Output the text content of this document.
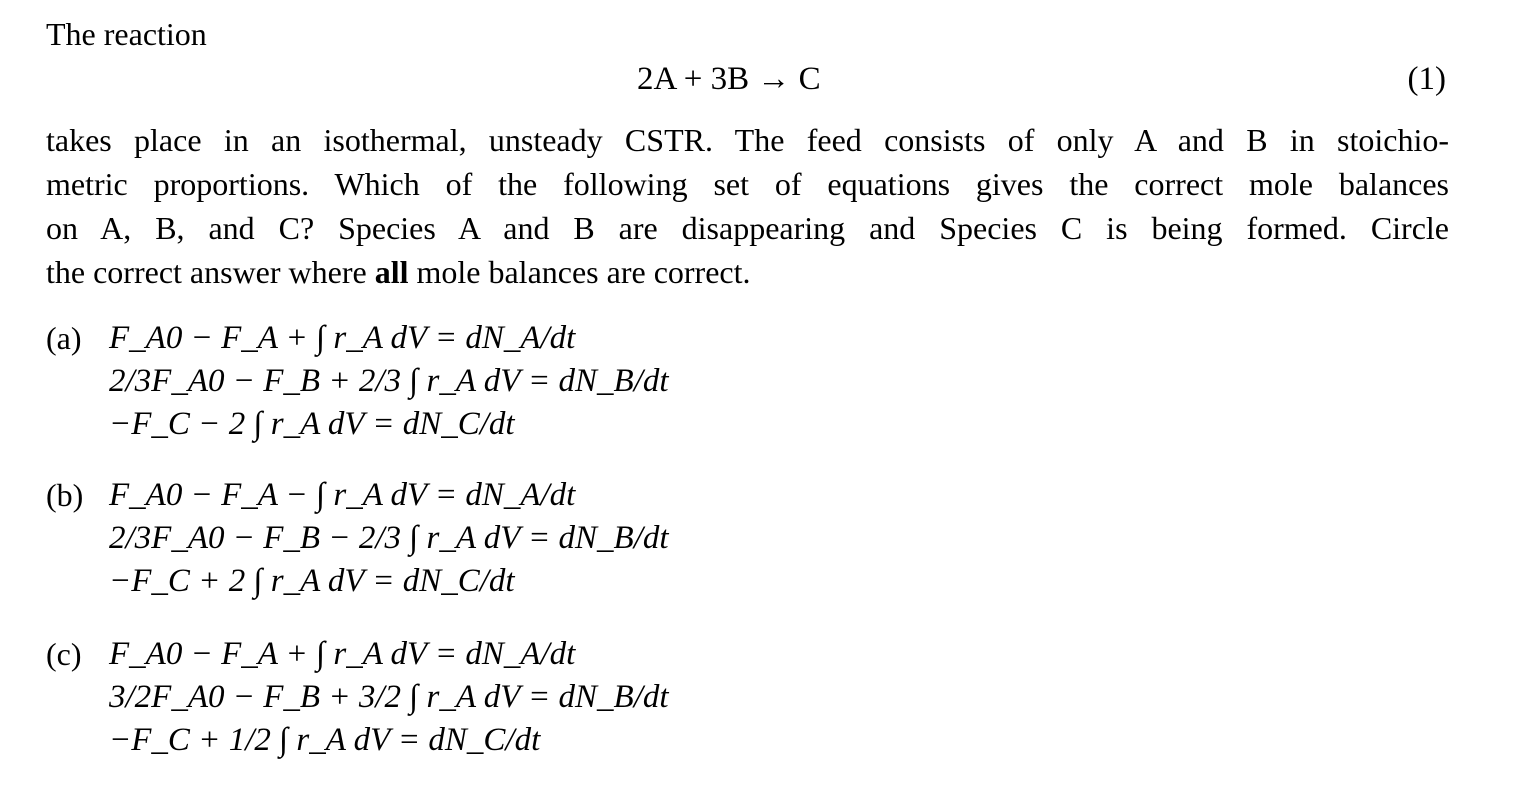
The reaction

2A + 3B → C	(1)
takes place in an isothermal, unsteady CSTR. The feed consists of only A and B in stoichio-
metric proportions. Which of the following set of equations gives the correct mole balances
on A, B, and C? Species A and B are disappearing and Species C is being formed. Circle
the correct answer where all mole balances are correct.
(a) F_A0 − F_A + ∫ r_A dV = dN_A/dt
2/3F_A0 − F_B + 2/3 ∫ r_A dV = dN_B/dt
−F_C − 2 ∫ r_A dV = dN_C/dt
(b) F_A0 − F_A − ∫ r_A dV = dN_A/dt
2/3F_A0 − F_B − 2/3 ∫ r_A dV = dN_B/dt
−F_C + 2 ∫ r_A dV = dN_C/dt
(c) F_A0 − F_A + ∫ r_A dV = dN_A/dt
3/2F_A0 − F_B + 3/2 ∫ r_A dV = dN_B/dt
−F_C + 1/2 ∫ r_A dV = dN_C/dt
